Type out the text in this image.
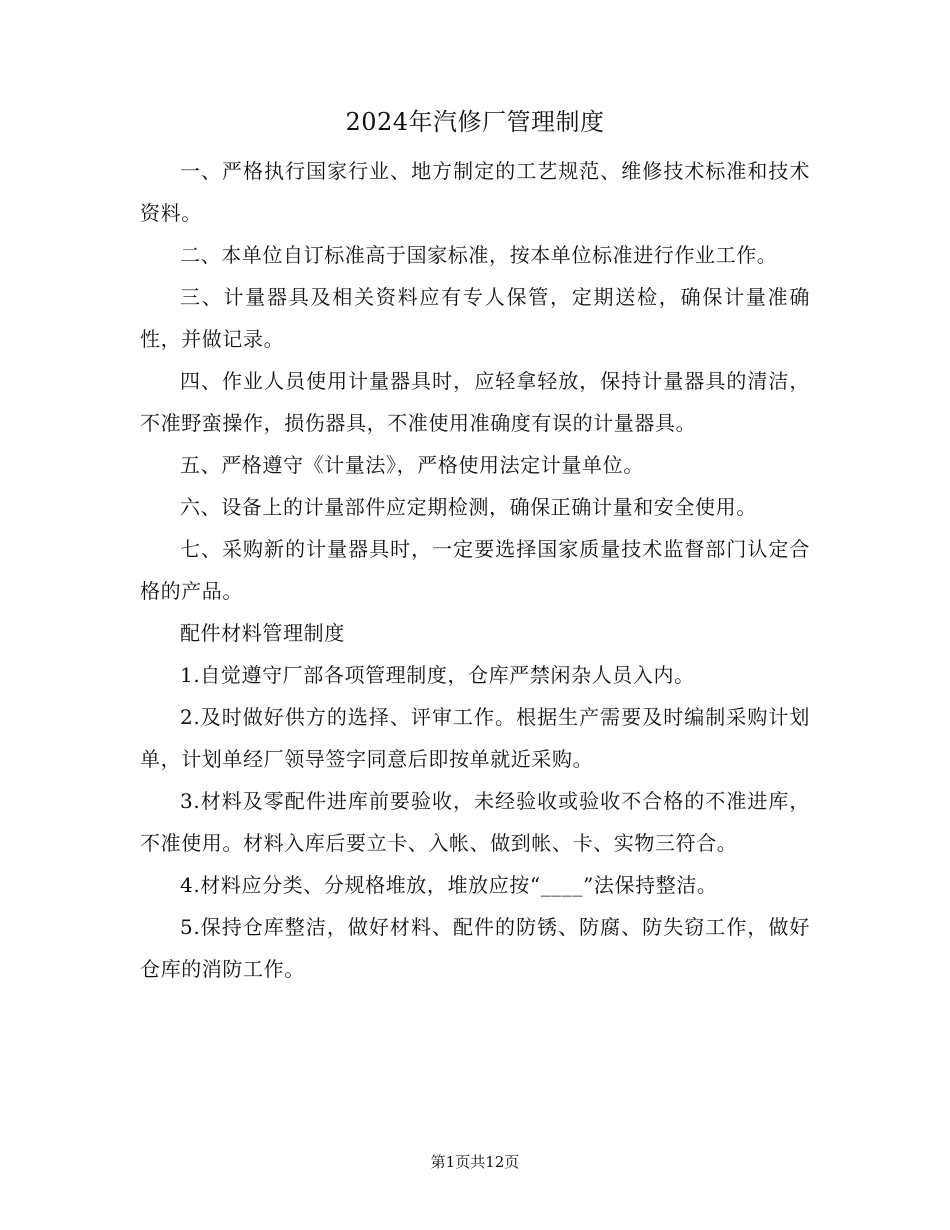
2024年汽修厂管理制度

一、严格执行国家行业、地方制定的工艺规范、维修技术标准和技术资料。

二、本单位自订标准高于国家标准，按本单位标准进行作业工作。

三、计量器具及相关资料应有专人保管，定期送检，确保计量准确性，并做记录。

四、作业人员使用计量器具时，应轻拿轻放，保持计量器具的清洁，不准野蛮操作，损伤器具，不准使用准确度有误的计量器具。

五、严格遵守《计量法》，严格使用法定计量单位。

六、设备上的计量部件应定期检测，确保正确计量和安全使用。

七、采购新的计量器具时，一定要选择国家质量技术监督部门认定合格的产品。

配件材料管理制度

1.自觉遵守厂部各项管理制度，仓库严禁闲杂人员入内。

2.及时做好供方的选择、评审工作。根据生产需要及时编制采购计划单，计划单经厂领导签字同意后即按单就近采购。

3.材料及零配件进库前要验收，未经验收或验收不合格的不准进库，不准使用。材料入库后要立卡、入帐、做到帐、卡、实物三符合。

4.材料应分类、分规格堆放，堆放应按“____”法保持整洁。

5.保持仓库整洁，做好材料、配件的防锈、防腐、防失窃工作，做好仓库的消防工作。

第1页共12页
